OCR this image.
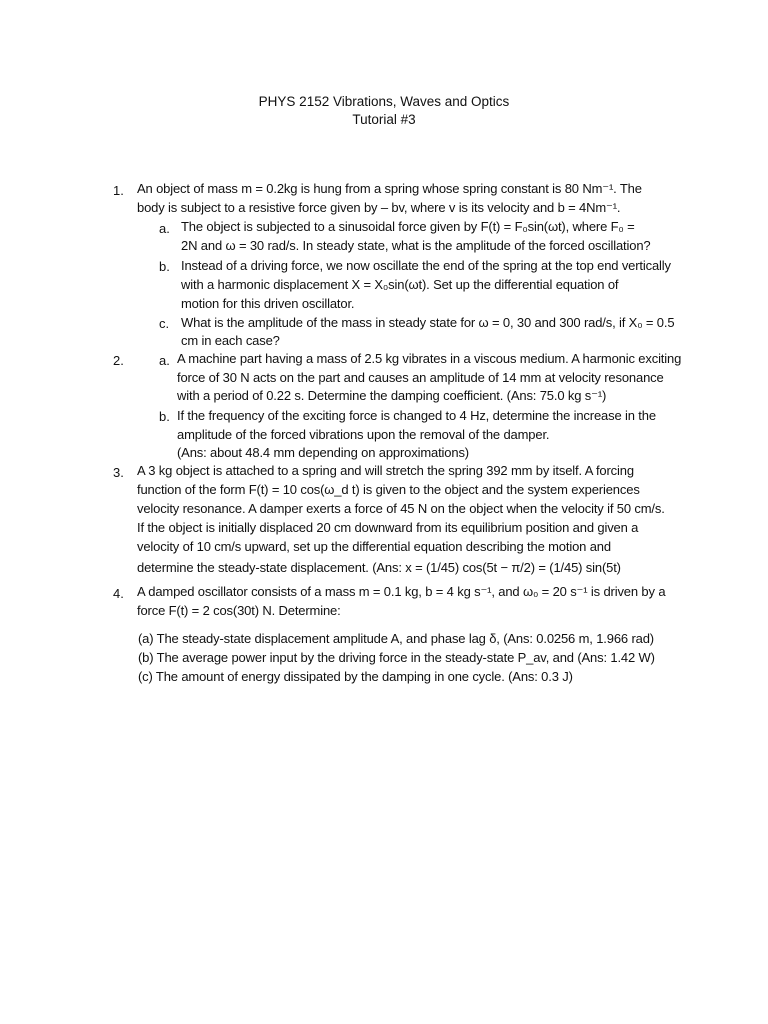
PHYS 2152 Vibrations, Waves and Optics
Tutorial #3
1. An object of mass m = 0.2kg is hung from a spring whose spring constant is 80 Nm⁻¹. The
body is subject to a resistive force given by – bv, where v is its velocity and b = 4Nm⁻¹.
a. The object is subjected to a sinusoidal force given by F(t) = F₀sin(ωt), where F₀ =
2N and ω = 30 rad/s. In steady state, what is the amplitude of the forced oscillation?
b. Instead of a driving force, we now oscillate the end of the spring at the top end vertically
with a harmonic displacement X = X₀sin(ωt). Set up the differential equation of
motion for this driven oscillator.
c. What is the amplitude of the mass in steady state for ω = 0, 30 and 300 rad/s, if X₀ = 0.5
cm in each case?
2.	a. A machine part having a mass of 2.5 kg vibrates in a viscous medium. A harmonic exciting
force of 30 N acts on the part and causes an amplitude of 14 mm at velocity resonance
with a period of 0.22 s. Determine the damping coefficient. (Ans: 75.0 kg s⁻¹)
b. If the frequency of the exciting force is changed to 4 Hz, determine the increase in the
amplitude of the forced vibrations upon the removal of the damper.
(Ans: about 48.4 mm depending on approximations)
3. A 3 kg object is attached to a spring and will stretch the spring 392 mm by itself. A forcing
function of the form F(t) = 10 cos(ω_d t) is given to the object and the system experiences
velocity resonance. A damper exerts a force of 45 N on the object when the velocity if 50 cm/s.
If the object is initially displaced 20 cm downward from its equilibrium position and given a
velocity of 10 cm/s upward, set up the differential equation describing the motion and
determine the steady-state displacement. (Ans: x = (1/45) cos(5t − π/2) = (1/45) sin(5t)
4. A damped oscillator consists of a mass m = 0.1 kg, b = 4 kg s⁻¹, and ω₀ = 20 s⁻¹ is driven by a
force F(t) = 2 cos(30t) N. Determine:
(a) The steady-state displacement amplitude A, and phase lag δ, (Ans: 0.0256 m, 1.966 rad)
(b) The average power input by the driving force in the steady-state P_av, and (Ans: 1.42 W)
(c) The amount of energy dissipated by the damping in one cycle. (Ans: 0.3 J)
